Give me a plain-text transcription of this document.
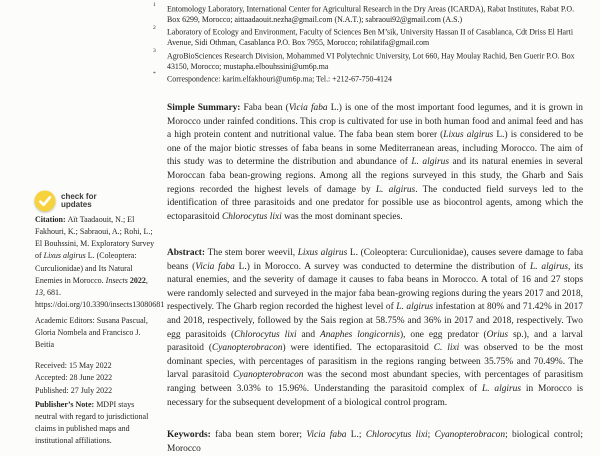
check for
updates

Citation: Aït Taadaouit, N.; El Fakhouri, K.; Sabraoui, A.; Rohi, L.; El Bouhssini, M. Exploratory Survey of Lixus algirus L. (Coleoptera: Curculionidae) and Its Natural Enemies in Morocco. Insects 2022, 13, 681. https://doi.org/10.3390/insects13080681

Academic Editors: Susana Pascual, Gloria Nombela and Francisco J. Beitia

Received: 15 May 2022
Accepted: 28 June 2022
Published: 27 July 2022

Publisher’s Note: MDPI stays neutral with regard to jurisdictional claims in published maps and institutional affiliations.

$^1$Entomology Laboratory, International Center for Agricultural Research in the Dry Areas (ICARDA), Rabat Institutes, Rabat P.O. Box 6299, Morocco; aittaadaouit.nezha@gmail.com (N.A.T.); sabraoui92@gmail.com (A.S.)
$^2$Laboratory of Ecology and Environment, Faculty of Sciences Ben M’sik, University Hassan II of Casablanca, Cdt Driss El Harti Avenue, Sidi Othman, Casablanca P.O. Box 7955, Morocco; rohilatifa@gmail.com
$^3$AgroBioSciences Research Division, Mohammed VI Polytechnic University, Lot 660, Hay Moulay Rachid, Ben Guerir P.O. Box 43150, Morocco; mustapha.elbouhssini@um6p.ma
*Correspondence: karim.elfakhouri@um6p.ma; Tel.: +212-67-750-4124

Simple Summary: Faba bean (Vicia faba L.) is one of the most important food legumes, and it is grown in Morocco under rainfed conditions. This crop is cultivated for use in both human food and animal feed and has a high protein content and nutritional value. The faba bean stem borer (Lixus algirus L.) is considered to be one of the major biotic stresses of faba beans in some Mediterranean areas, including Morocco. The aim of this study was to determine the distribution and abundance of L. algirus and its natural enemies in several Moroccan faba bean-growing regions. Among all the regions surveyed in this study, the Gharb and Sais regions recorded the highest levels of damage by L. algirus. The conducted field surveys led to the identification of three parasitoids and one predator for possible use as biocontrol agents, among which the ectoparasitoid Chlorocytus lixi was the most dominant species.

Abstract: The stem borer weevil, Lixus algirus L. (Coleoptera: Curculionidae), causes severe damage to faba beans (Vicia faba L.) in Morocco. A survey was conducted to determine the distribution of L. algirus, its natural enemies, and the severity of damage it causes to faba beans in Morocco. A total of 16 and 27 stops were randomly selected and surveyed in the major faba bean-growing regions during the years 2017 and 2018, respectively. The Gharb region recorded the highest level of L. algirus infestation at 80% and 71.42% in 2017 and 2018, respectively, followed by the Sais region at 58.75% and 36% in 2017 and 2018, respectively. Two egg parasitoids (Chlorocytus lixi and Anaphes longicornis), one egg predator (Orius sp.), and a larval parasitoid (Cyanopterobracon) were identified. The ectoparasitoid C. lixi was observed to be the most dominant species, with percentages of parasitism in the regions ranging between 35.75% and 70.49%. The larval parasitoid Cyanopterobracon was the second most abundant species, with percentages of parasitism ranging between 3.03% to 15.96%. Understanding the parasitoid complex of L. algirus in Morocco is necessary for the subsequent development of a biological control program.

Keywords: faba bean stem borer; Vicia faba L.; Chlorocytus lixi; Cyanopterobracon; biological control; Morocco
